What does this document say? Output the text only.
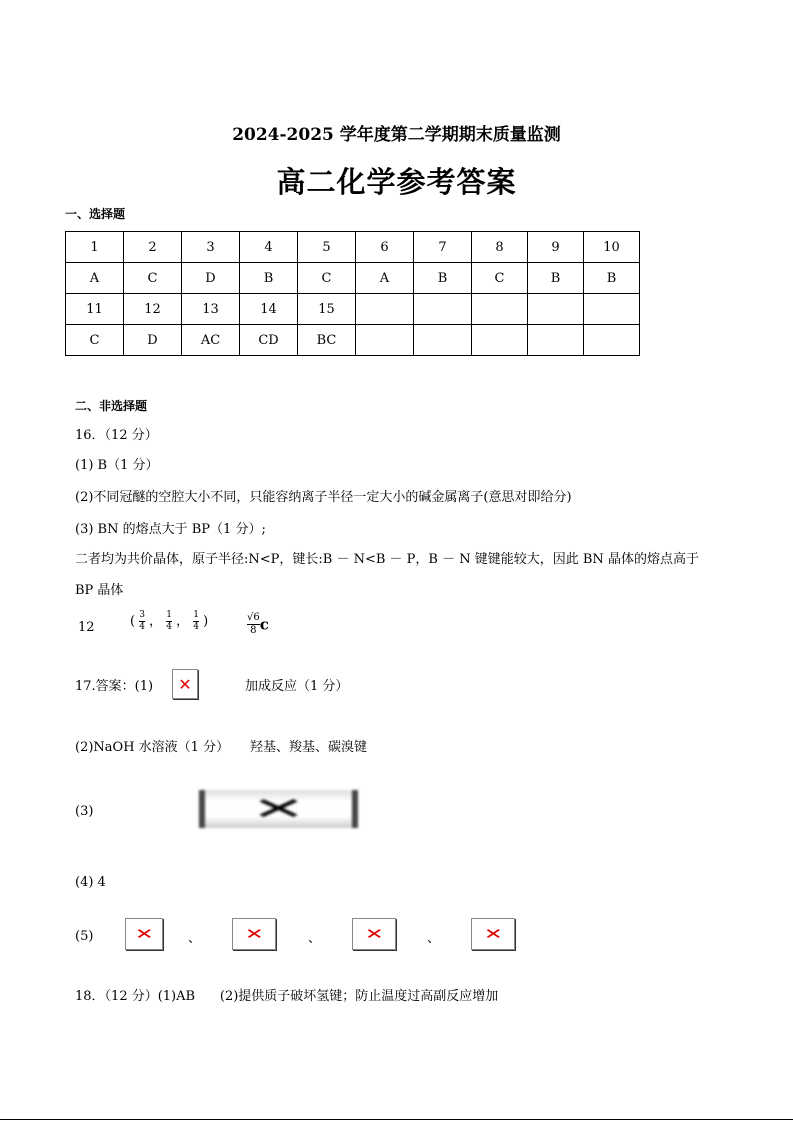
2024-2025 学年度第二学期期末质量监测
高二化学参考答案
一、选择题
1	2	3	4	5	6	7	8	9	10
A	C	D	B	C	A	B	C	B	B
11	12	13	14	15					
C	D	AC	CD	BC					
二、非选择题
16．（12 分）
(1) B（1 分）
(2)不同冠醚的空腔大小不同，只能容纳离子半径一定大小的碱金属离子(意思对即给分)
(3) BN 的熔点大于 BP（1 分）;
二者均为共价晶体，原子半径:N<P，键长:B － N<B － P，B － N 键键能较大，因此 BN 晶体的熔点高于
BP 晶体
12	( $\frac{3}{4}$ ， $\frac{1}{4}$ ， $\frac{1}{4}$ )	$\frac{√6}{8}$ c
17.答案：(1) ✕	加成反应（1 分）
(2)NaOH 水溶液（1 分） 羟基、羧基、碳溴键
(3)	✕
(4) 4
(5)	✕	、	✕	、	✕	、	✕
18．（12 分）(1)AB      (2)提供质子破坏氢键；防止温度过高副反应增加
